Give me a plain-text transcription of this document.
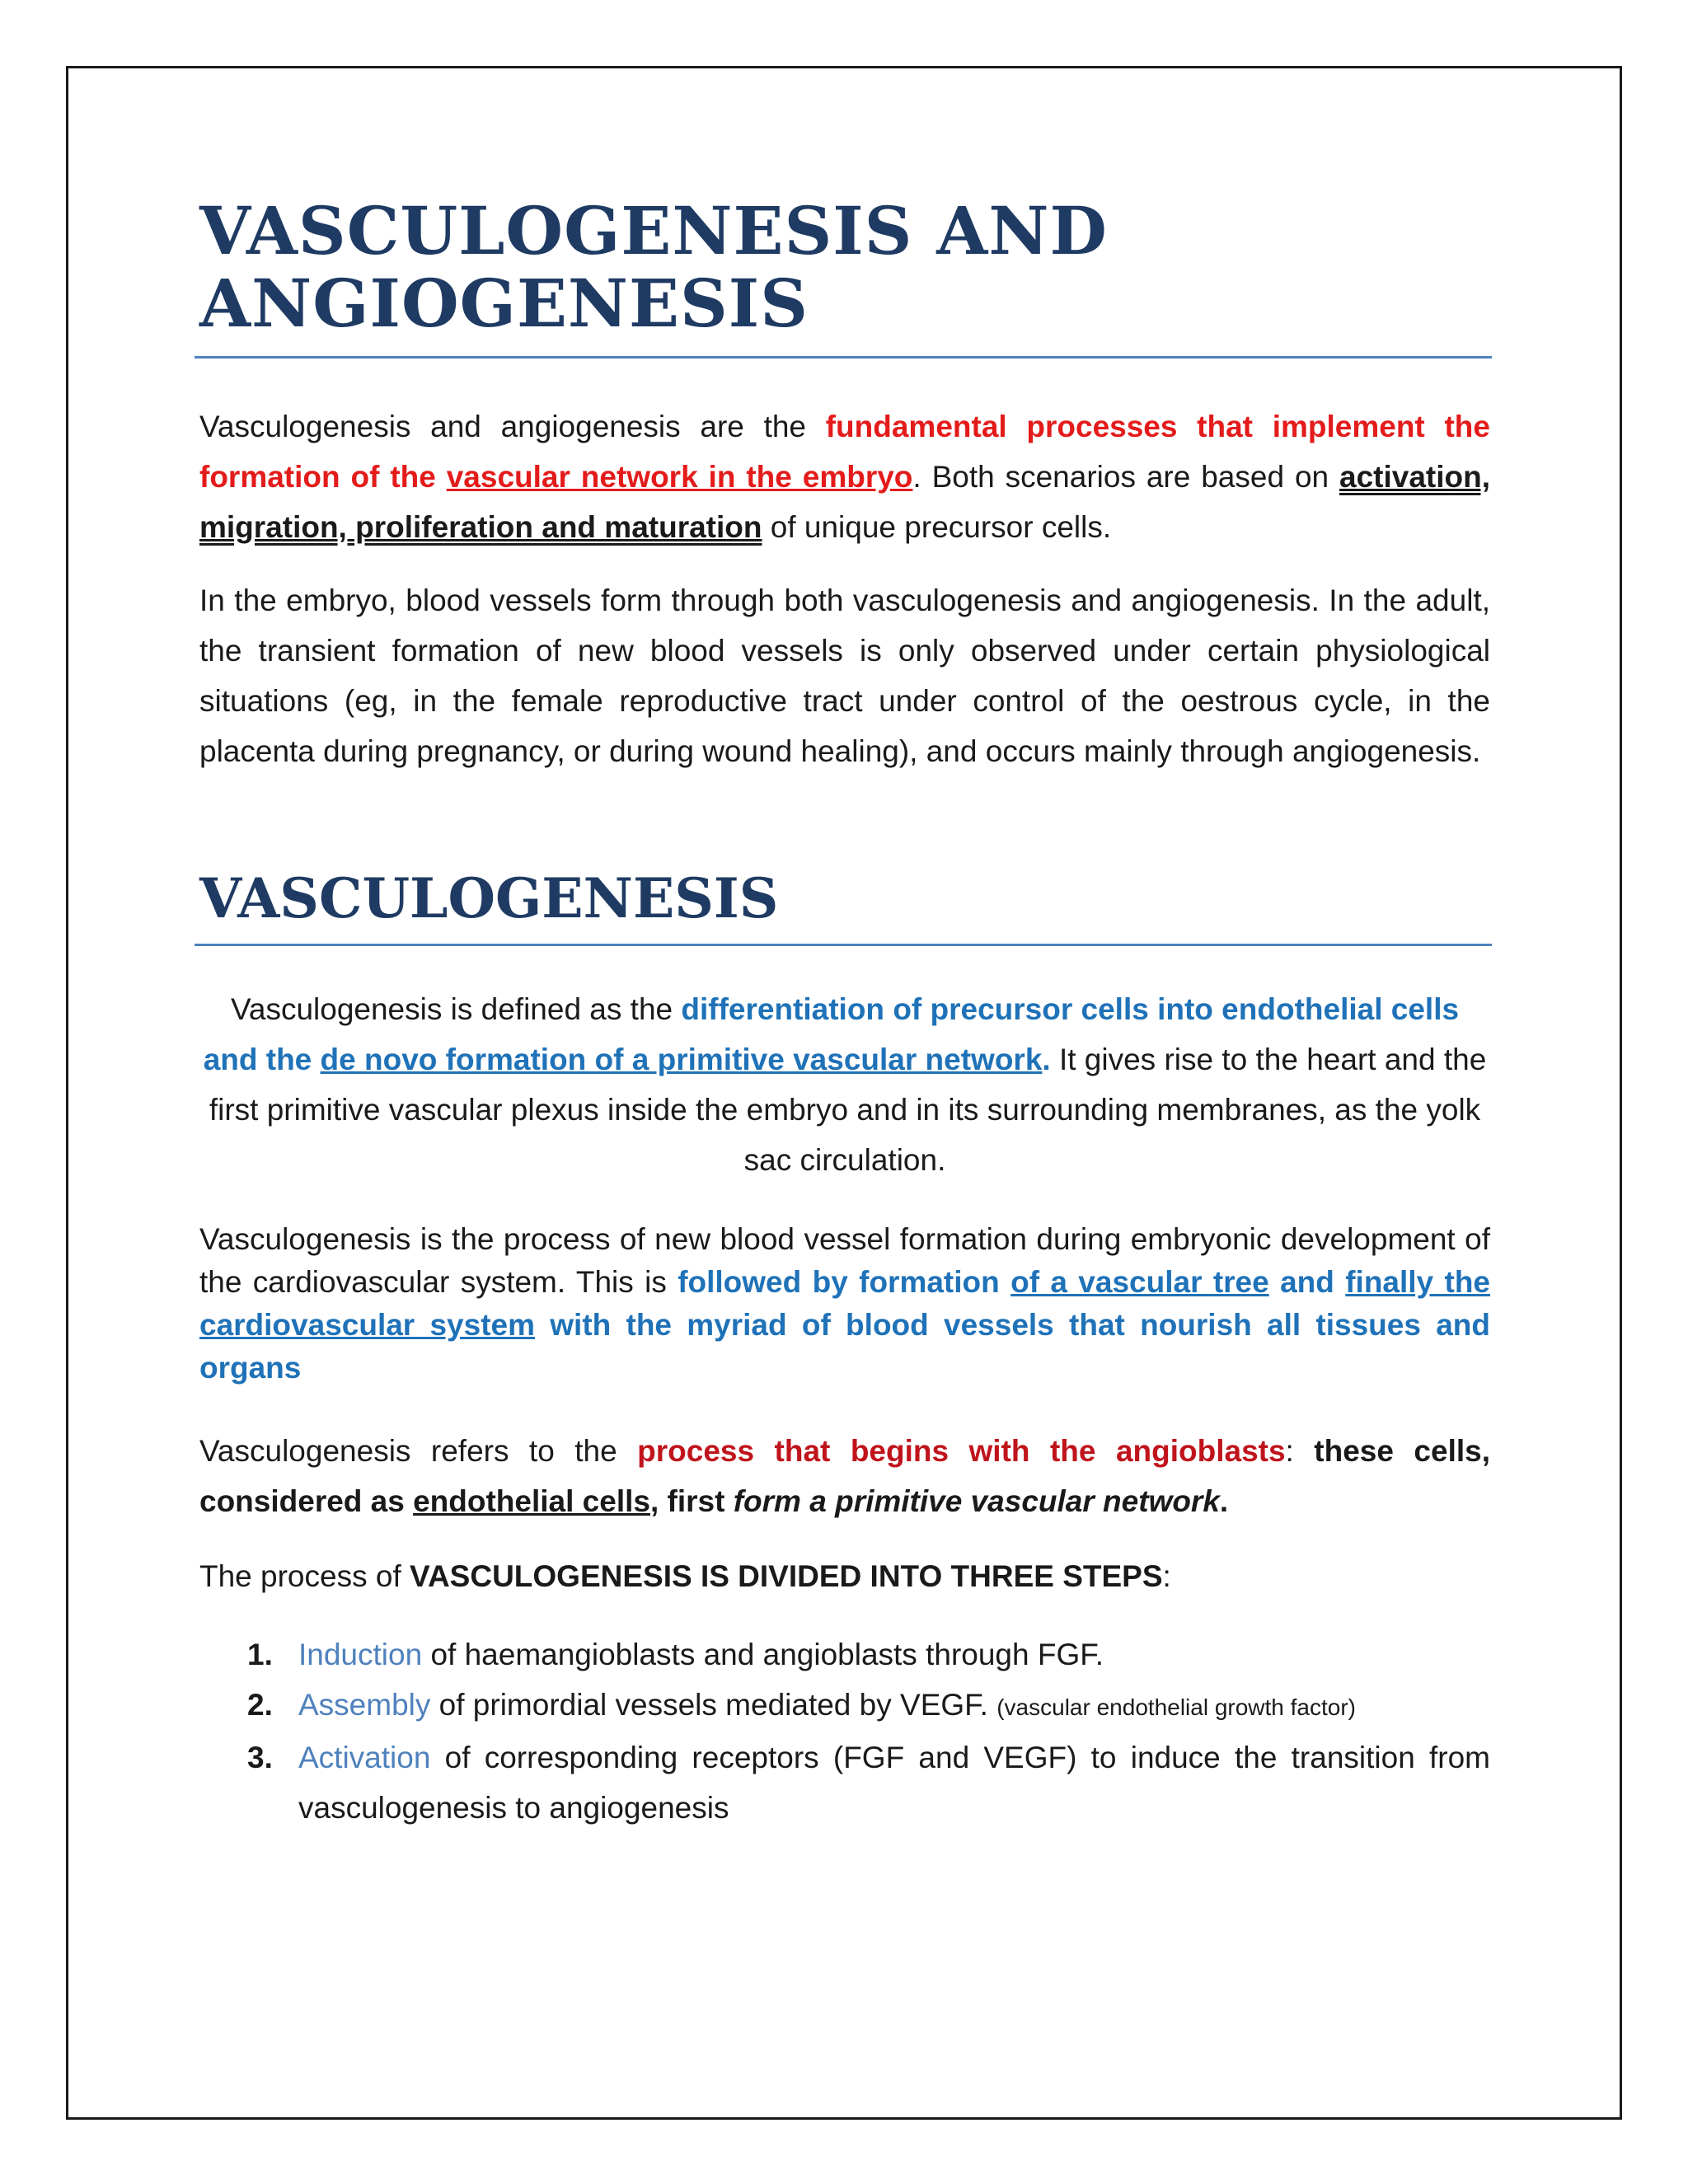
VASCULOGENESIS AND ANGIOGENESIS

Vasculogenesis and angiogenesis are the fundamental processes that implement the formation of the vascular network in the embryo. Both scenarios are based on activation, migration, proliferation and maturation of unique precursor cells.

In the embryo, blood vessels form through both vasculogenesis and angiogenesis. In the adult, the transient formation of new blood vessels is only observed under certain physiological situations (eg, in the female reproductive tract under control of the oestrous cycle, in the placenta during pregnancy, or during wound healing), and occurs mainly through angiogenesis.

VASCULOGENESIS

Vasculogenesis is defined as the differentiation of precursor cells into endothelial cells and the de novo formation of a primitive vascular network. It gives rise to the heart and the first primitive vascular plexus inside the embryo and in its surrounding membranes, as the yolk sac circulation.

Vasculogenesis is the process of new blood vessel formation during embryonic development of the cardiovascular system. This is followed by formation of a vascular tree and finally the cardiovascular system with the myriad of blood vessels that nourish all tissues and organs

Vasculogenesis refers to the process that begins with the angioblasts: these cells, considered as endothelial cells, first form a primitive vascular network.

The process of VASCULOGENESIS IS DIVIDED INTO THREE STEPS:

1. Induction of haemangioblasts and angioblasts through FGF.
2. Assembly of primordial vessels mediated by VEGF. (vascular endothelial growth factor)
3. Activation of corresponding receptors (FGF and VEGF) to induce the transition from vasculogenesis to angiogenesis
